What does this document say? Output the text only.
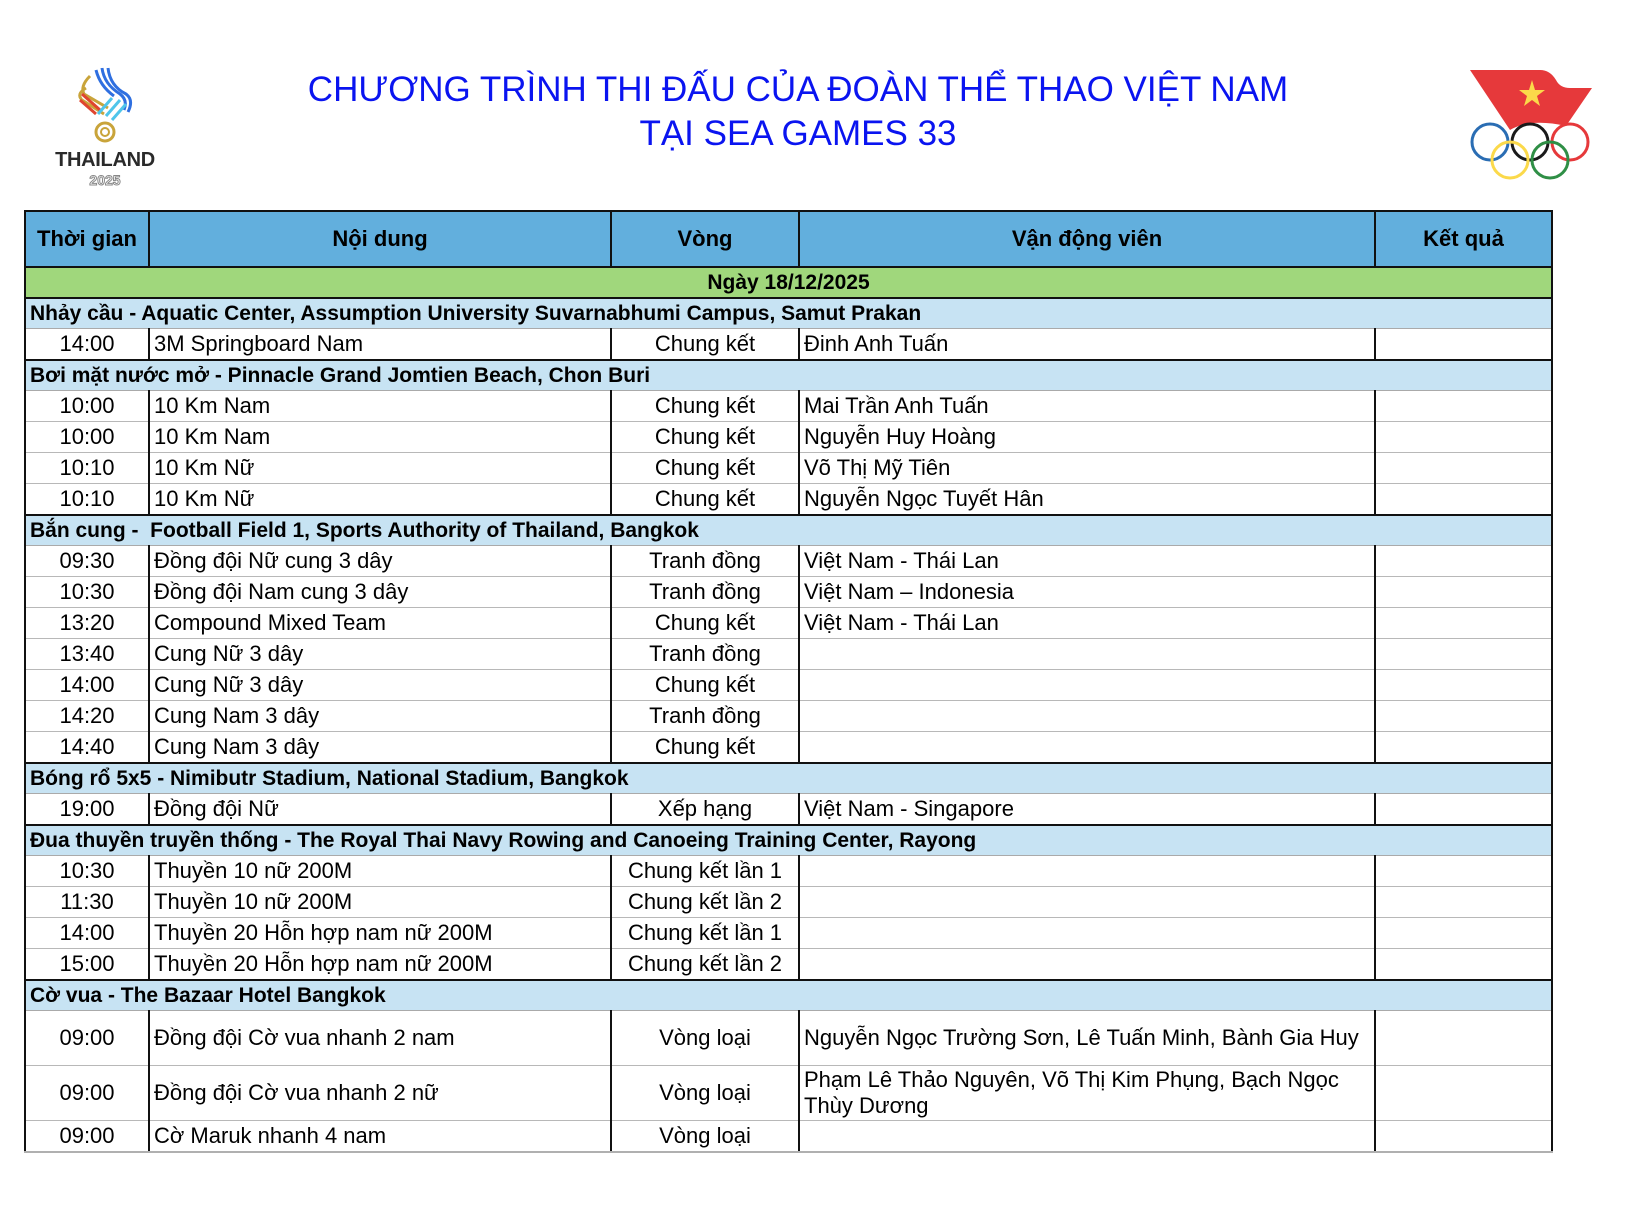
THAILAND
2025
CHƯƠNG TRÌNH THI ĐẤU CỦA ĐOÀN THỂ THAO VIỆT NAM
TẠI SEA GAMES 33
Thời gian	Nội dung	Vòng	Vận động viên	Kết quả
Ngày 18/12/2025				
Nhảy cầu - Aquatic Center, Assumption University Suvarnabhumi Campus, Samut Prakan				
14:00	3M Springboard Nam	Chung kết	Đinh Anh Tuấn	
Bơi mặt nước mở - Pinnacle Grand Jomtien Beach, Chon Buri				
10:00	10 Km Nam	Chung kết	Mai Trần Anh Tuấn	
10:00	10 Km Nam	Chung kết	Nguyễn Huy Hoàng	
10:10	10 Km Nữ	Chung kết	Võ Thị Mỹ Tiên	
10:10	10 Km Nữ	Chung kết	Nguyễn Ngọc Tuyết Hân	
Bắn cung -  Football Field 1, Sports Authority of Thailand, Bangkok				
09:30	Đồng đội Nữ cung 3 dây	Tranh đồng	Việt Nam - Thái Lan	
10:30	Đồng đội Nam cung 3 dây	Tranh đồng	Việt Nam – Indonesia	
13:20	Compound Mixed Team	Chung kết	Việt Nam - Thái Lan	
13:40	Cung Nữ 3 dây	Tranh đồng		
14:00	Cung Nữ 3 dây	Chung kết		
14:20	Cung Nam 3 dây	Tranh đồng		
14:40	Cung Nam 3 dây	Chung kết		
Bóng rổ 5x5 - Nimibutr Stadium, National Stadium, Bangkok				
19:00	Đồng đội Nữ	Xếp hạng	Việt Nam - Singapore	
Đua thuyền truyền thống - The Royal Thai Navy Rowing and Canoeing Training Center, Rayong				
10:30	Thuyền 10 nữ 200M	Chung kết lần 1		
11:30	Thuyền 10 nữ 200M	Chung kết lần 2		
14:00	Thuyền 20 Hỗn hợp nam nữ 200M	Chung kết lần 1		
15:00	Thuyền 20 Hỗn hợp nam nữ 200M	Chung kết lần 2		
Cờ vua - The Bazaar Hotel Bangkok				
09:00	Đồng đội Cờ vua nhanh 2 nam	Vòng loại	Nguyễn Ngọc Trường Sơn, Lê Tuấn Minh, Bành Gia Huy	
09:00	Đồng đội Cờ vua nhanh 2 nữ	Vòng loại	Phạm Lê Thảo Nguyên, Võ Thị Kim Phụng, Bạch Ngọc Thùy Dương	
09:00	Cờ Maruk nhanh 4 nam	Vòng loại		
